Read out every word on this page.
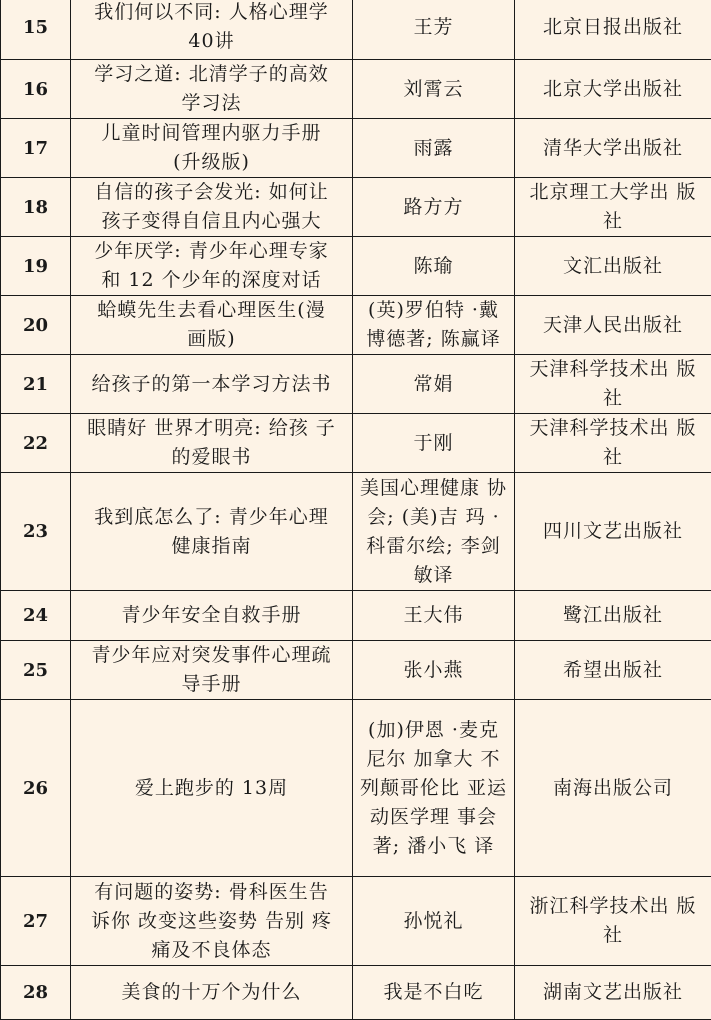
15	我们何以不同: 人格心理学 40讲	王芳	北京日报出版社

16	学习之道: 北清学子的高效 学习法	刘霄云	北京大学出版社

17	儿童时间管理内驱力手册 (升级版)	雨露	清华大学出版社

18	自信的孩子会发光: 如何让 孩子变得自信且内心强大	路方方	北京理工大学出 版社

19	少年厌学: 青少年心理专家 和 12 个少年的深度对话	陈瑜	文汇出版社

20	蛤蟆先生去看心理医生(漫 画版)	(英)罗伯特 ·戴 博德著; 陈赢译	天津人民出版社

21	给孩子的第一本学习方法书	常娟	天津科学技术出 版社

22	眼睛好 世界才明亮: 给孩 子的爱眼书	于刚	天津科学技术出 版社

23	我到底怎么了: 青少年心理 健康指南	美国心理健康 协会; (美)吉 玛 · 科雷尔绘; 李剑敏译	四川文艺出版社

24	青少年安全自救手册	王大伟	鹭江出版社

25	青少年应对突发事件心理疏 导手册	张小燕	希望出版社

26	爱上跑步的 13周	(加)伊恩 ·麦克 尼尔 加拿大 不列颠哥伦比 亚运动医学理 事会著; 潘小飞 译	南海出版公司

27	有问题的姿势: 骨科医生告 诉你 改变这些姿势 告别 疼痛及不良体态	孙悦礼	浙江科学技术出 版社

28	美食的十万个为什么	我是不白吃	湖南文艺出版社
